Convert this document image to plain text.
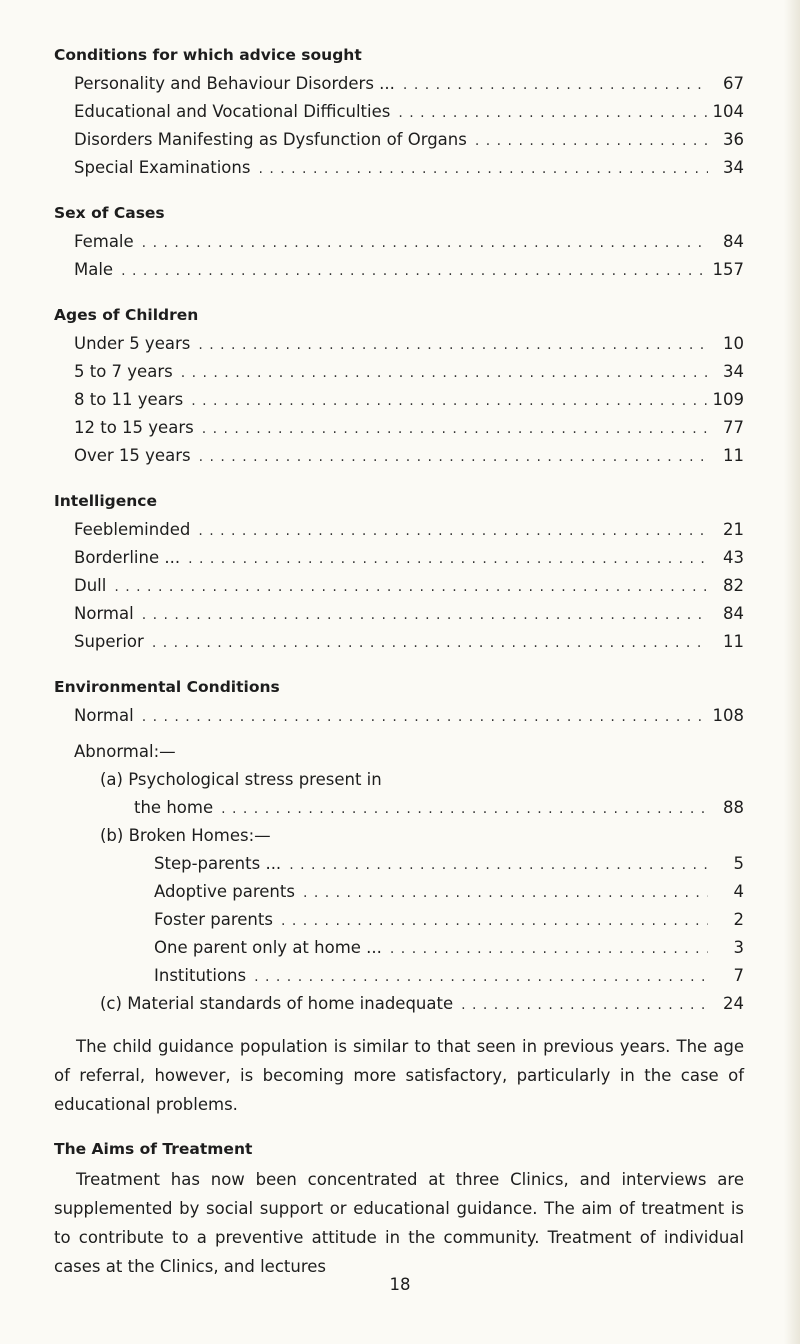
Conditions for which advice sought
Personality and Behaviour Disorders ... . . .	67
Educational and Vocational Difficulties . . .	104
Disorders Manifesting as Dysfunction of Organs . . .	36
Special Examinations . . .	34
Sex of Cases
Female . . .	84
Male . . .	157
Ages of Children
Under 5 years . . .	10
5 to 7 years . . .	34
8 to 11 years . . .	109
12 to 15 years . . .	77
Over 15 years . . .	11
Intelligence
Feebleminded . . .	21
Borderline ... . . .	43
Dull . . .	82
Normal . . .	84
Superior . . .	11
Environmental Conditions
Normal . . .	108
Abnormal:—
(a) Psychological stress present in
the home . . .	88
(b) Broken Homes:—
Step-parents ... . . .	5
Adoptive parents . . .	4
Foster parents . . .	2
One parent only at home ... . . .	3
Institutions . . .	7
(c) Material standards of home inadequate . . .	24

The child guidance population is similar to that seen in previous years. The age of referral, however, is becoming more satisfactory, particularly in the case of educational problems.

The Aims of Treatment

Treatment has now been concentrated at three Clinics, and interviews are supplemented by social support or educational guidance. The aim of treatment is to contribute to a preventive attitude in the community. Treatment of individual cases at the Clinics, and lectures

18
